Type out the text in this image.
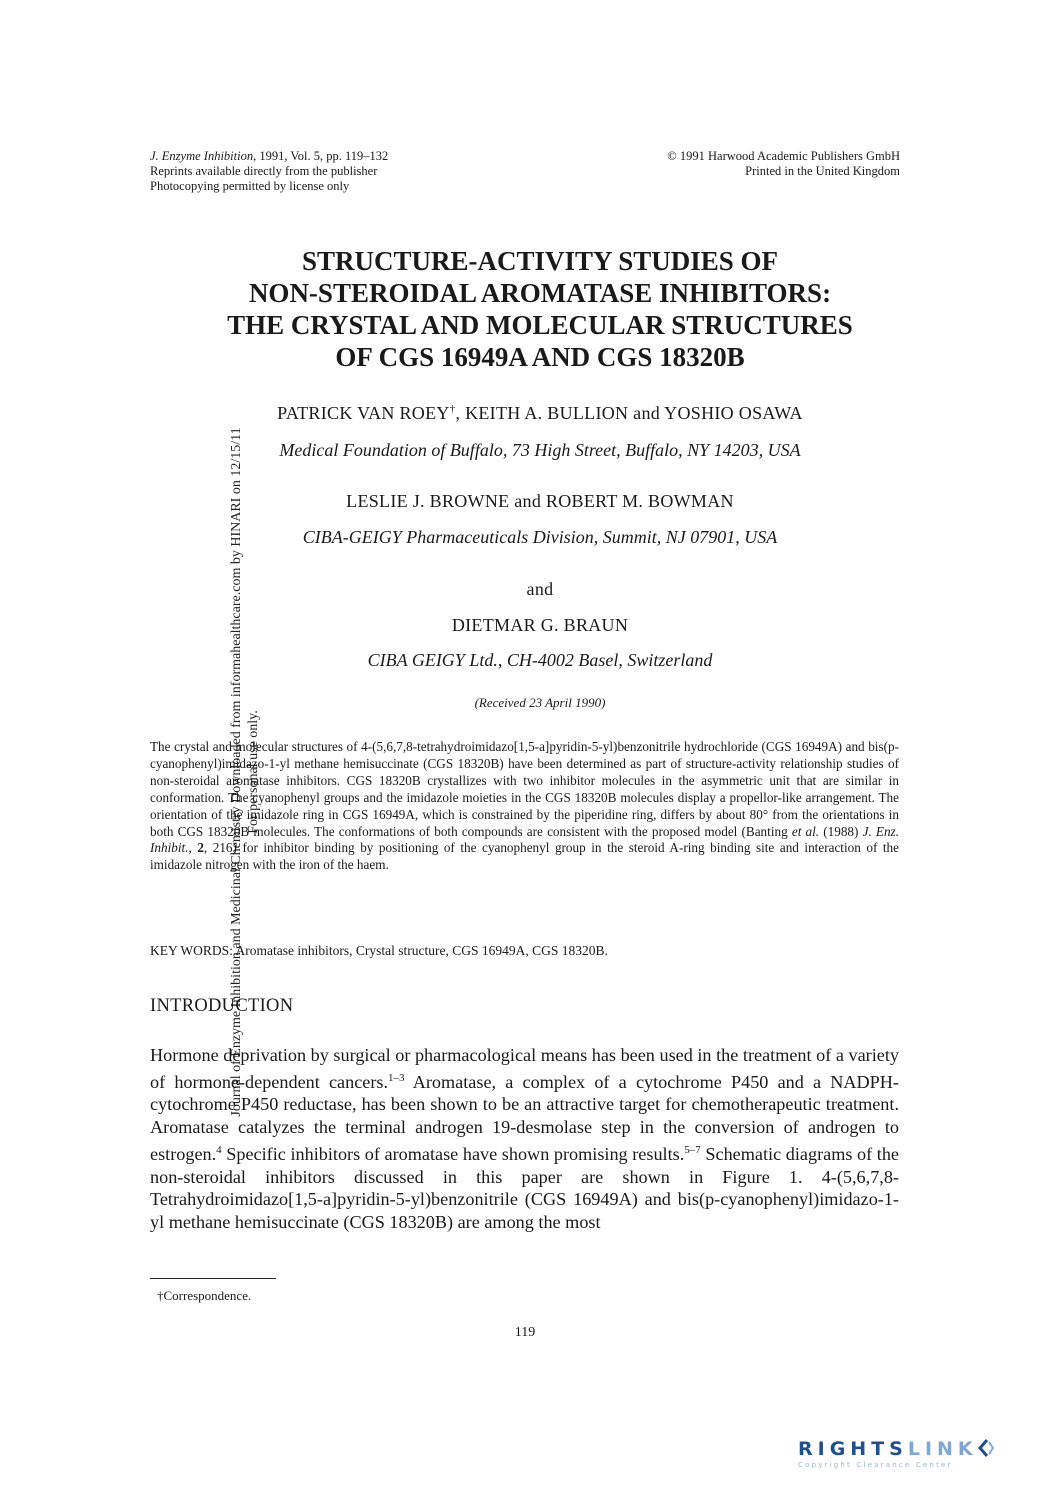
Journal of Enzyme Inhibition and Medicinal Chemistry Downloaded from informahealthcare.com by HINARI on 12/15/11 For personal use only.
J. Enzyme Inhibition, 1991, Vol. 5, pp. 119–132
Reprints available directly from the publisher
Photocopying permitted by license only
© 1991 Harwood Academic Publishers GmbH
Printed in the United Kingdom
STRUCTURE-ACTIVITY STUDIES OF
NON-STEROIDAL AROMATASE INHIBITORS:
THE CRYSTAL AND MOLECULAR STRUCTURES
OF CGS 16949A AND CGS 18320B
PATRICK VAN ROEY†, KEITH A. BULLION and YOSHIO OSAWA
Medical Foundation of Buffalo, 73 High Street, Buffalo, NY 14203, USA
LESLIE J. BROWNE and ROBERT M. BOWMAN
CIBA-GEIGY Pharmaceuticals Division, Summit, NJ 07901, USA
and
DIETMAR G. BRAUN
CIBA GEIGY Ltd., CH-4002 Basel, Switzerland
(Received 23 April 1990)

The crystal and molecular structures of 4-(5,6,7,8-tetrahydroimidazo[1,5-a]pyridin-5-yl)benzonitrile hydrochloride (CGS 16949A) and bis(p-cyanophenyl)imidazo-1-yl methane hemisuccinate (CGS 18320B) have been determined as part of structure-activity relationship studies of non-steroidal aromatase inhibitors. CGS 18320B crystallizes with two inhibitor molecules in the asymmetric unit that are similar in conformation. The cyanophenyl groups and the imidazole moieties in the CGS 18320B molecules display a propellor-like arrangement. The orientation of the imidazole ring in CGS 16949A, which is constrained by the piperidine ring, differs by about 80° from the orientations in both CGS 18320B molecules. The conformations of both compounds are consistent with the proposed model (Banting et al. (1988) J. Enz. Inhibit., 2, 216) for inhibitor binding by positioning of the cyanophenyl group in the steroid A-ring binding site and interaction of the imidazole nitrogen with the iron of the haem.

KEY WORDS: Aromatase inhibitors, Crystal structure, CGS 16949A, CGS 18320B.
INTRODUCTION

Hormone deprivation by surgical or pharmacological means has been used in the treatment of a variety of hormone-dependent cancers.$^{1-3}$ Aromatase, a complex of a cytochrome P450 and a NADPH-cytochrome P450 reductase, has been shown to be an attractive target for chemotherapeutic treatment. Aromatase catalyzes the terminal androgen 19-desmolase step in the conversion of androgen to estrogen.$^4$ Specific inhibitors of aromatase have shown promising results.$^{5-7}$ Schematic diagrams of the non-steroidal inhibitors discussed in this paper are shown in Figure 1. 4-(5,6,7,8-Tetrahydroimidazo[1,5-a]pyridin-5-yl)benzonitrile (CGS 16949A) and bis(p-cyanophenyl)imidazo-1-yl methane hemisuccinate (CGS 18320B) are among the most

†Correspondence.
119
RIGHTSLINK
Copyright Clearance Center
